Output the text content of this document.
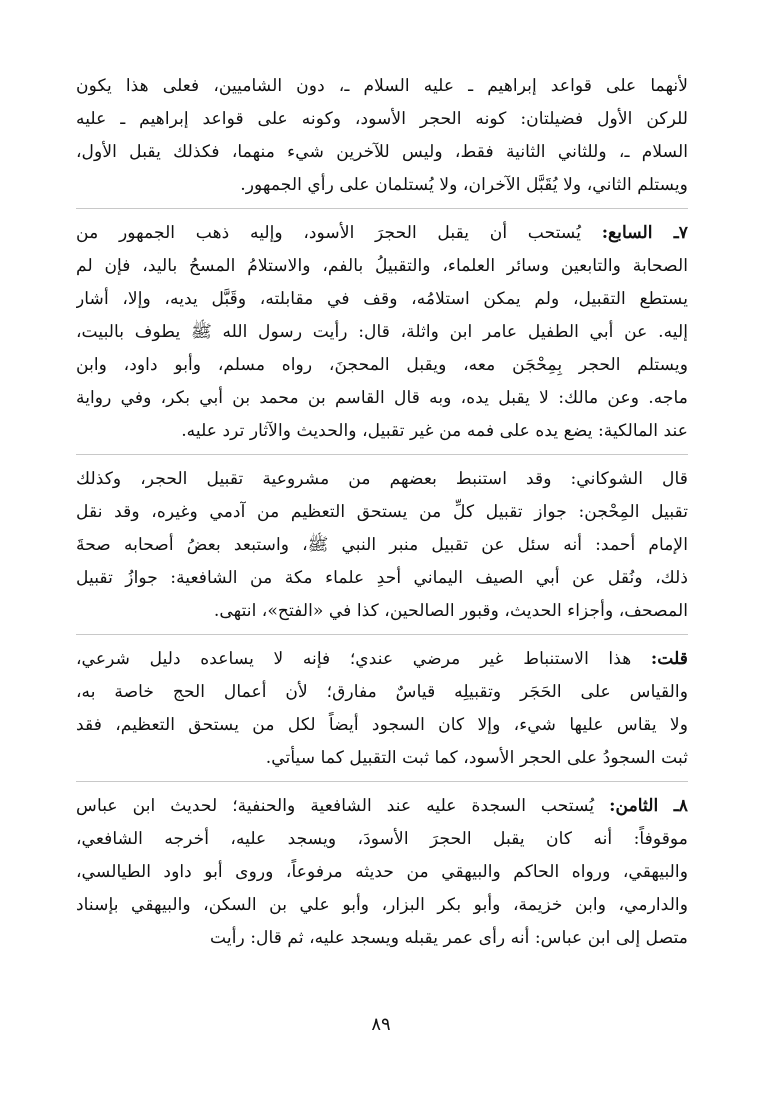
لأنهما على قواعد إبراهيم ـ عليه السلام ـ، دون الشاميين، فعلى هذا يكون
للركن الأول فضيلتان: كونه الحجر الأسود، وكونه على قواعد إبراهيم ـ عليه
السلام ـ، وللثاني الثانية فقط، وليس للآخرين شيء منهما، فكذلك يقبل الأول،
ويستلم الثاني، ولا يُقَبَّل الآخران، ولا يُستلمان على رأي الجمهور.
٧ـ السابع: يُستحب أن يقبل الحجرَ الأسود، وإليه ذهب الجمهور من
الصحابة والتابعين وسائر العلماء، والتقبيلُ بالفم، والاستلامُ المسحُ باليد، فإن لم
يستطع التقبيل، ولم يمكن استلامُه، وقف في مقابلته، وقَبَّل يديه، وإلا، أشار
إليه. عن أبي الطفيل عامر ابن واثلة، قال: رأيت رسول الله ﷺ يطوف بالبيت،
ويستلم الحجر بِمِحْجَن معه، ويقبل المحجنَ، رواه مسلم، وأبو داود، وابن
ماجه. وعن مالك: لا يقبل يده، وبه قال القاسم بن محمد بن أبي بكر، وفي رواية
عند المالكية: يضع يده على فمه من غير تقبيل، والحديث والآثار ترد عليه.
قال الشوكاني: وقد استنبط بعضهم من مشروعية تقبيل الحجر، وكذلك
تقبيل المِحْجن: جواز تقبيل كلِّ من يستحق التعظيم من آدمي وغيره، وقد نقل
الإمام أحمد: أنه سئل عن تقبيل منبر النبي ﷺ، واستبعد بعضُ أصحابه صحةَ
ذلك، ونُقل عن أبي الصيف اليماني أحدِ علماء مكة من الشافعية: جوازُ تقبيل
المصحف، وأجزاء الحديث، وقبور الصالحين، كذا في «الفتح»، انتهى.
قلت: هذا الاستنباط غير مرضي عندي؛ فإنه لا يساعده دليل شرعي،
والقياس على الحَجَر وتقبيلِه قياسٌ مفارق؛ لأن أعمال الحج خاصة به،
ولا يقاس عليها شيء، وإلا كان السجود أيضاً لكل من يستحق التعظيم، فقد
ثبت السجودُ على الحجر الأسود، كما ثبت التقبيل كما سيأتي.
٨ـ الثامن: يُستحب السجدة عليه عند الشافعية والحنفية؛ لحديث ابن عباس
موقوفاً: أنه كان يقبل الحجرَ الأسودَ، ويسجد عليه، أخرجه الشافعي،
والبيهقي، ورواه الحاكم والبيهقي من حديثه مرفوعاً، وروى أبو داود الطيالسي،
والدارمي، وابن خزيمة، وأبو بكر البزار، وأبو علي بن السكن، والبيهقي بإسناد
متصل إلى ابن عباس: أنه رأى عمر يقبله ويسجد عليه، ثم قال: رأيت
٨٩
